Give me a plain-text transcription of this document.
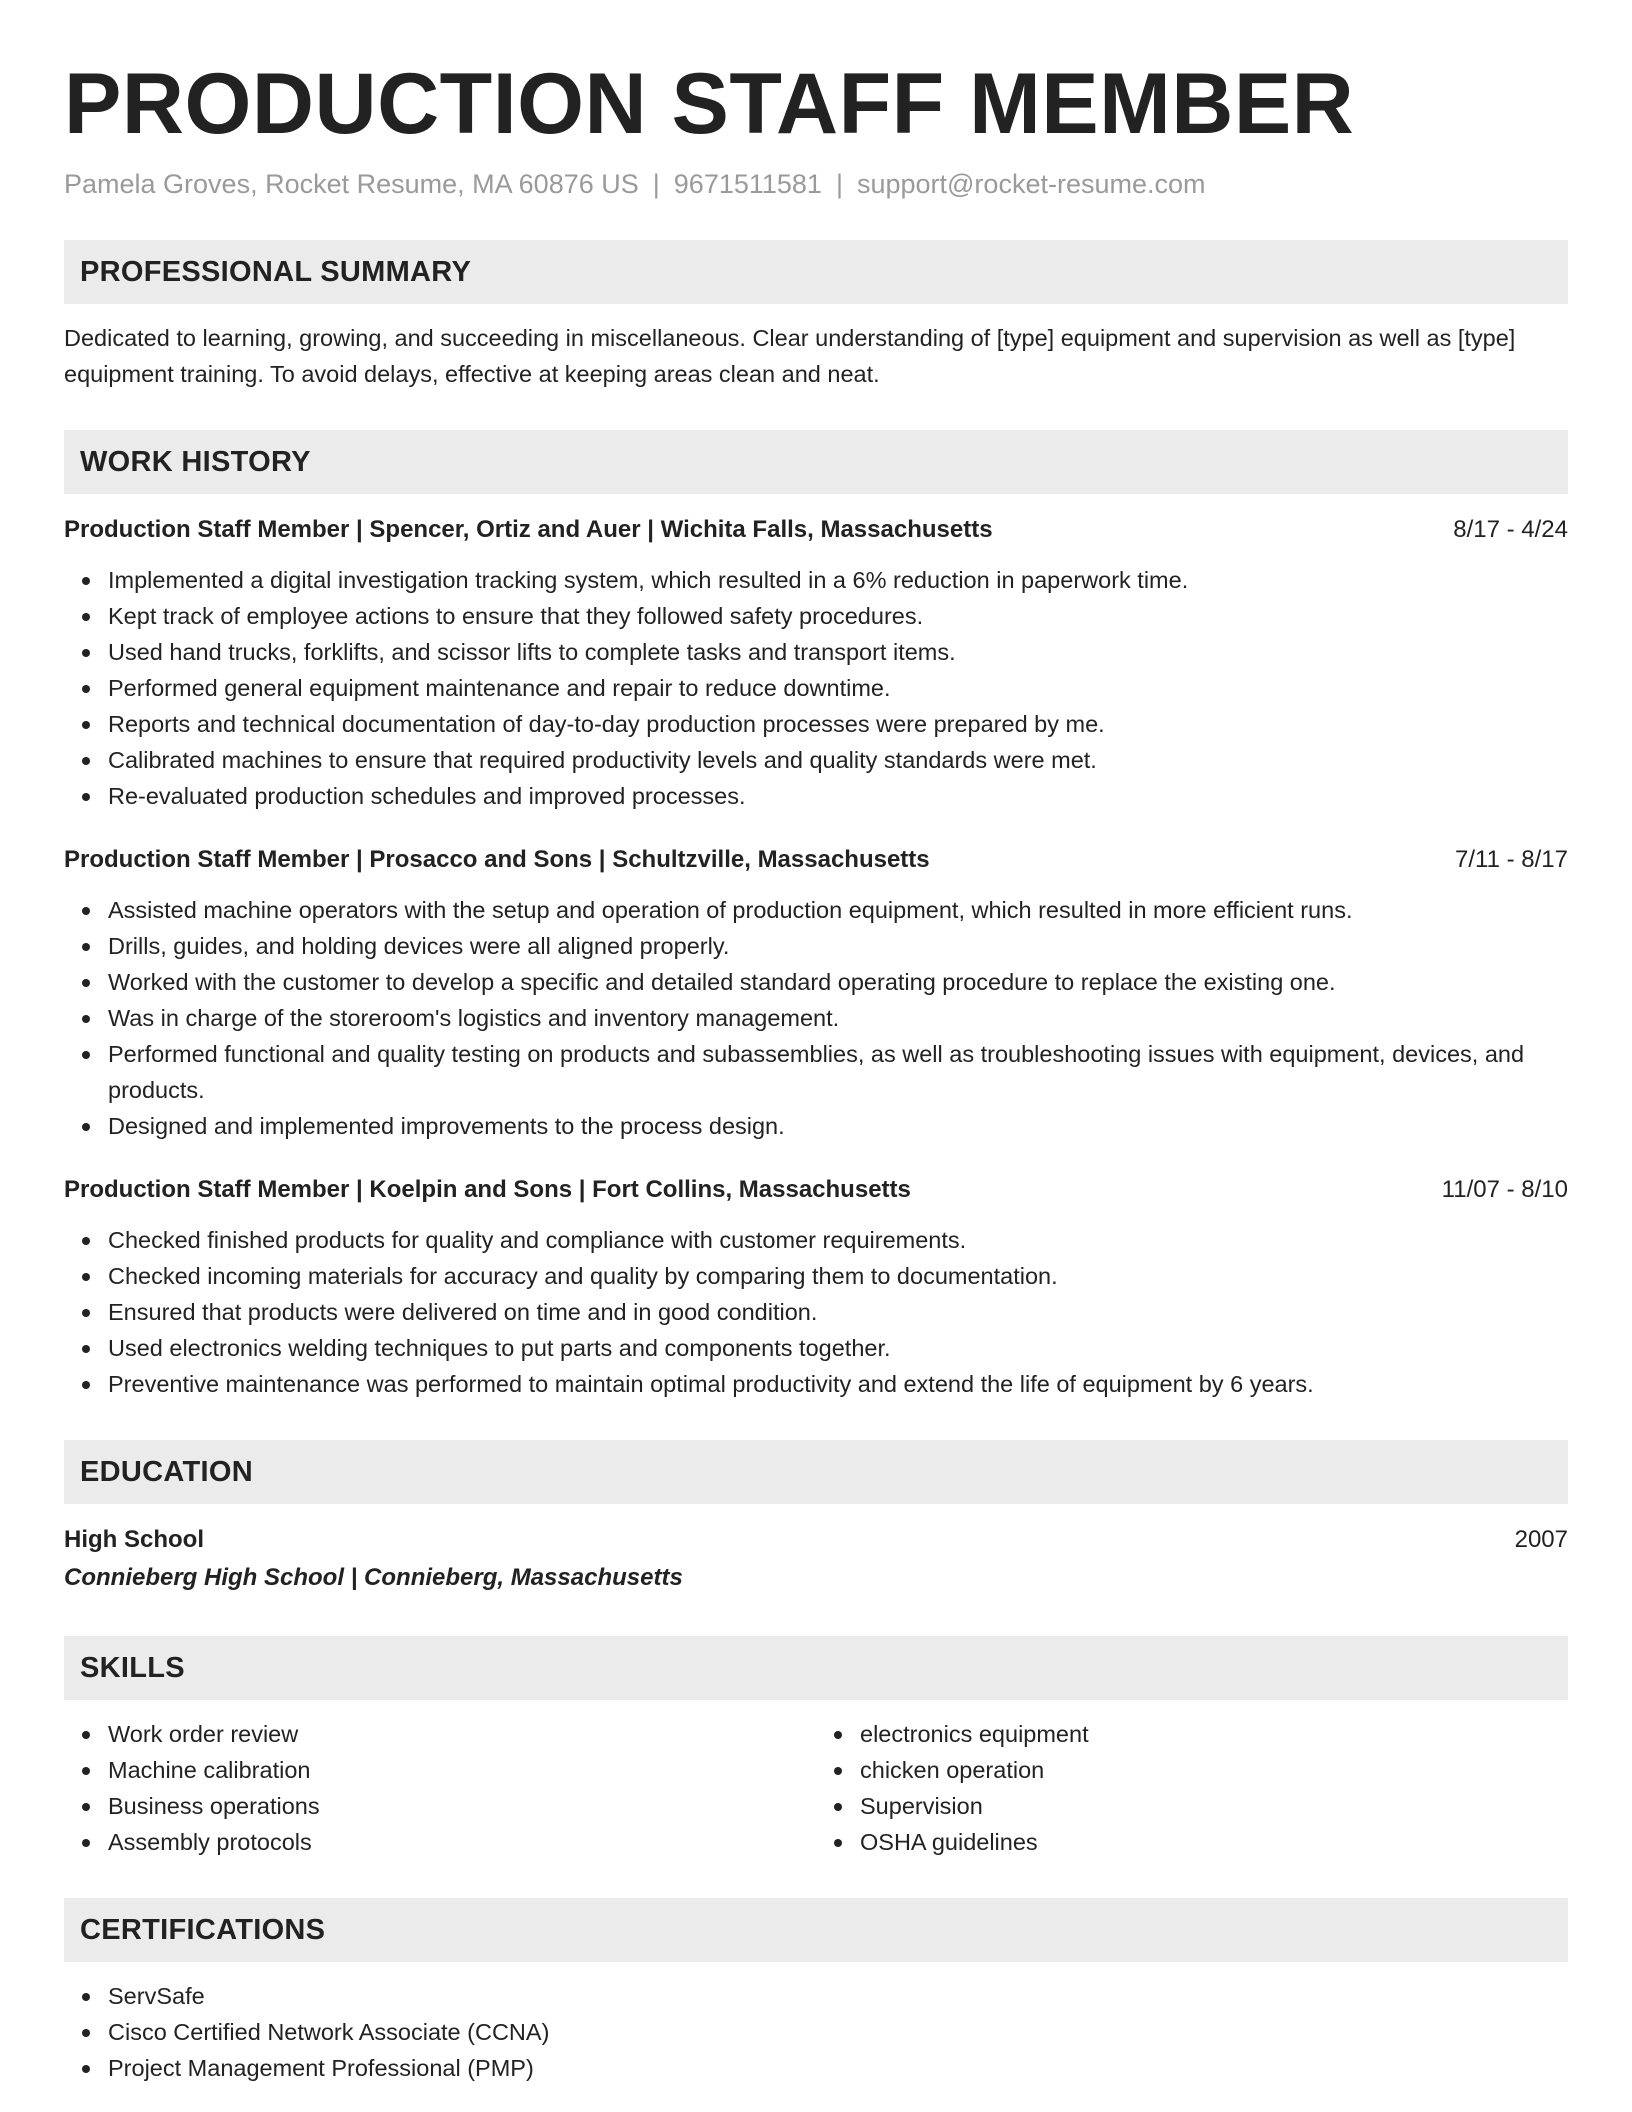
PRODUCTION STAFF MEMBER
Pamela Groves, Rocket Resume, MA 60876 US | 9671511581 | support@rocket-resume.com
PROFESSIONAL SUMMARY
Dedicated to learning, growing, and succeeding in miscellaneous. Clear understanding of [type] equipment and supervision as well as [type] equipment training. To avoid delays, effective at keeping areas clean and neat.
WORK HISTORY
Production Staff Member | Spencer, Ortiz and Auer | Wichita Falls, Massachusetts	8/17 - 4/24
Implemented a digital investigation tracking system, which resulted in a 6% reduction in paperwork time.
Kept track of employee actions to ensure that they followed safety procedures.
Used hand trucks, forklifts, and scissor lifts to complete tasks and transport items.
Performed general equipment maintenance and repair to reduce downtime.
Reports and technical documentation of day-to-day production processes were prepared by me.
Calibrated machines to ensure that required productivity levels and quality standards were met.
Re-evaluated production schedules and improved processes.
Production Staff Member | Prosacco and Sons | Schultzville, Massachusetts	7/11 - 8/17
Assisted machine operators with the setup and operation of production equipment, which resulted in more efficient runs.
Drills, guides, and holding devices were all aligned properly.
Worked with the customer to develop a specific and detailed standard operating procedure to replace the existing one.
Was in charge of the storeroom's logistics and inventory management.
Performed functional and quality testing on products and subassemblies, as well as troubleshooting issues with equipment, devices, and products.
Designed and implemented improvements to the process design.
Production Staff Member | Koelpin and Sons | Fort Collins, Massachusetts	11/07 - 8/10
Checked finished products for quality and compliance with customer requirements.
Checked incoming materials for accuracy and quality by comparing them to documentation.
Ensured that products were delivered on time and in good condition.
Used electronics welding techniques to put parts and components together.
Preventive maintenance was performed to maintain optimal productivity and extend the life of equipment by 6 years.
EDUCATION
High School	2007
Connieberg High School | Connieberg, Massachusetts
SKILLS
Work order review
Machine calibration
Business operations
Assembly protocols
electronics equipment
chicken operation
Supervision
OSHA guidelines
CERTIFICATIONS
ServSafe
Cisco Certified Network Associate (CCNA)
Project Management Professional (PMP)
